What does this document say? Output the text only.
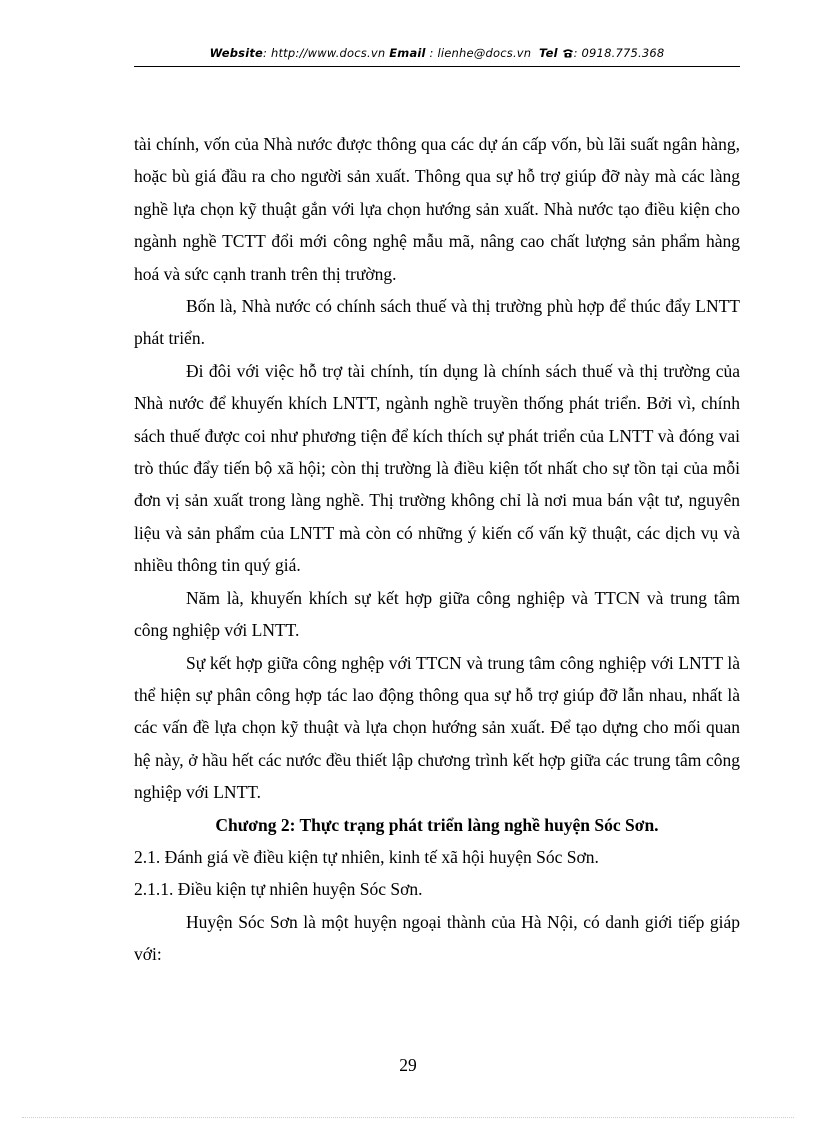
Website: http://www.docs.vn Email : lienhe@docs.vn Tel : 0918.775.368

tài chính, vốn của Nhà nước được thông qua các dự án cấp vốn, bù lãi suất ngân hàng, hoặc bù giá đầu ra cho người sản xuất. Thông qua sự hỗ trợ giúp đỡ này mà các làng nghề lựa chọn kỹ thuật gắn với lựa chọn hướng sản xuất. Nhà nước tạo điều kiện cho ngành nghề TCTT đổi mới công nghệ mẫu mã, nâng cao chất lượng sản phẩm hàng hoá và sức cạnh tranh trên thị trường.

Bốn là, Nhà nước có chính sách thuế và thị trường phù hợp để thúc đẩy LNTT phát triển.

Đi đôi với việc hỗ trợ tài chính, tín dụng là chính sách thuế và thị trường của Nhà nước để khuyến khích LNTT, ngành nghề truyền thống phát triển. Bởi vì, chính sách thuế được coi như phương tiện để kích thích sự phát triển của LNTT và đóng vai trò thúc đẩy tiến bộ xã hội; còn thị trường là điều kiện tốt nhất cho sự tồn tại của mỗi đơn vị sản xuất trong làng nghề. Thị trường không chỉ là nơi mua bán vật tư, nguyên liệu và sản phẩm của LNTT mà còn có những ý kiến cố vấn kỹ thuật, các dịch vụ và nhiều thông tin quý giá.

Năm là, khuyến khích sự kết hợp giữa công nghiệp và TTCN và trung tâm công nghiệp với LNTT.

Sự kết hợp giữa công nghệp với TTCN và trung tâm công nghiệp với LNTT là thể hiện sự phân công hợp tác lao động thông qua sự hỗ trợ giúp đỡ lẫn nhau, nhất là các vấn đề lựa chọn kỹ thuật và lựa chọn hướng sản xuất. Để tạo dựng cho mối quan hệ này, ở hầu hết các nước đều thiết lập chương trình kết hợp giữa các trung tâm công nghiệp với LNTT.

Chương 2: Thực trạng phát triển làng nghề huyện Sóc Sơn.

2.1. Đánh giá về điều kiện tự nhiên, kinh tế xã hội huyện Sóc Sơn.

2.1.1. Điều kiện tự nhiên huyện Sóc Sơn.

Huyện Sóc Sơn là một huyện ngoại thành của Hà Nội, có danh giới tiếp giáp với:

29
